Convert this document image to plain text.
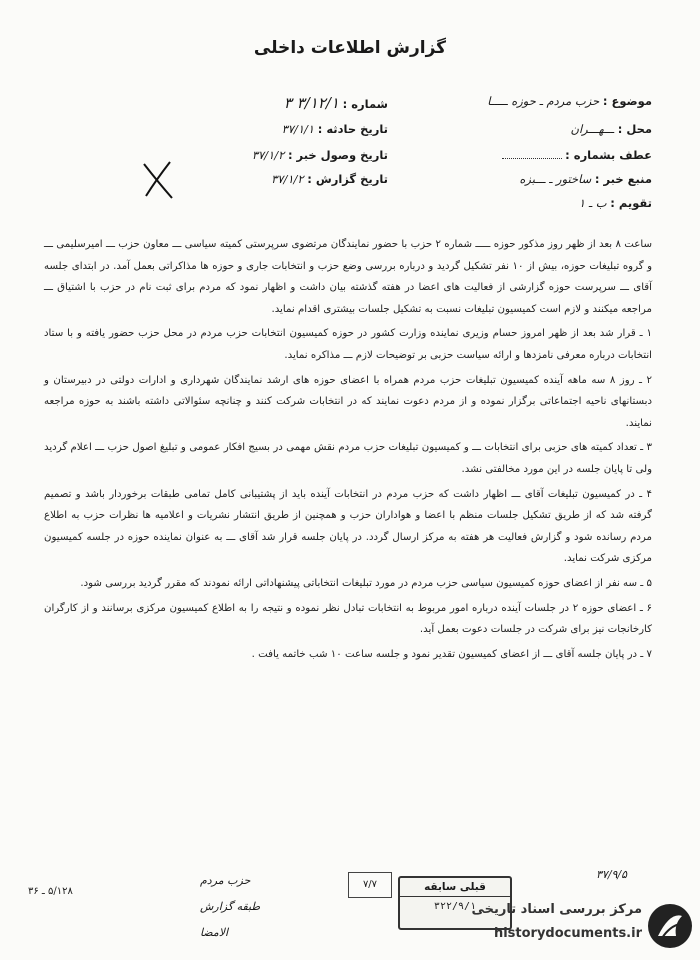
گزارش اطلاعات داخلی
موضوع : حزب مردم ـ حوزه ـــــا
محل : ـــهـــران
عطف بشماره :
منبع خبر : ساختور ـ ـــبزه
تقویم : ب ـ ۱
شماره : ۳/۱۲/۱ ۳
تاریخ حادثه : ۳۷/۱/۱
تاریخ وصول خبر : ۳۷/۱/۲
تاریخ گزارش : ۳۷/۱/۲

ساعت ۸ بعد از ظهر روز مذکور حوزه ـــــ شماره ۲ حزب با حضور نمایندگان مرتضوی سرپرستی کمیته سیاسی ـــ معاون حزب ـــ امیرسلیمی ـــ و گروه تبلیغات حوزه، بیش از ۱۰ نفر تشکیل گردید و درباره بررسی وضع حزب و انتخابات جاری و حوزه ها مذاکراتی بعمل آمد. در ابتدای جلسه آقای ـــ سرپرست حوزه گزارشی از فعالیت های اعضا در هفته گذشته بیان داشت و اظهار نمود که مردم برای ثبت نام در حزب با اشتیاق ـــ مراجعه میکنند و لازم است کمیسیون تبلیغات نسبت به تشکیل جلسات بیشتری اقدام نماید.

۱ ـ قرار شد بعد از ظهر امروز حسام وزیری نماینده وزارت کشور در حوزه کمیسیون انتخابات حزب مردم در محل حزب حضور یافته و با ستاد انتخابات درباره معرفی نامزدها و ارائه سیاست حزبی بر توضیحات لازم ـــ مذاکره نماید.

۲ ـ روز ۸ سه ماهه آینده کمیسیون تبلیغات حزب مردم همراه با اعضای حوزه های ارشد نمایندگان شهرداری و ادارات دولتی در دبیرستان و دبستانهای ناحیه اجتماعاتی برگزار نموده و از مردم دعوت نمایند که در انتخابات شرکت کنند و چنانچه سئوالاتی داشته باشند به حوزه مراجعه نمایند.

۳ ـ تعداد کمیته های حزبی برای انتخابات ـــ و کمیسیون تبلیغات حزب مردم نقش مهمی در بسیج افکار عمومی و تبلیغ اصول حزب ـــ اعلام گردید ولی تا پایان جلسه در این مورد مخالفتی نشد.

۴ ـ در کمیسیون تبلیغات آقای ـــ اظهار داشت که حزب مردم در انتخابات آینده باید از پشتیبانی کامل تمامی طبقات برخوردار باشد و تصمیم گرفته شد که از طریق تشکیل جلسات منظم با اعضا و هواداران حزب و همچنین از طریق انتشار نشریات و اعلامیه ها نظرات حزب به اطلاع مردم رسانده شود و گزارش فعالیت هر هفته به مرکز ارسال گردد. در پایان جلسه قرار شد آقای ـــ به عنوان نماینده حوزه در جلسه کمیسیون مرکزی شرکت نماید.

۵ ـ سه نفر از اعضای حوزه کمیسیون سیاسی حزب مردم در مورد تبلیغات انتخاباتی پیشنهاداتی ارائه نمودند که مقرر گردید بررسی شود.

۶ ـ اعضای حوزه ۲ در جلسات آینده درباره امور مربوط به انتخابات تبادل نظر نموده و نتیجه را به اطلاع کمیسیون مرکزی برسانند و از کارگران کارخانجات نیز برای شرکت در جلسات دعوت بعمل آید.

۷ ـ در پایان جلسه آقای ـــ از اعضای کمیسیون تقدیر نمود و جلسه ساعت ۱۰ شب خاتمه یافت .

۳۷/۹/۵
۷/۷	قبلی سابقه
۳۲۲/۹/۱
حزب مردم
طبقه گزارش
الامضا
۵/۱۲۸ ـ ۳۶
مرکز بررسی اسناد تاریخی
historydocuments.ir
